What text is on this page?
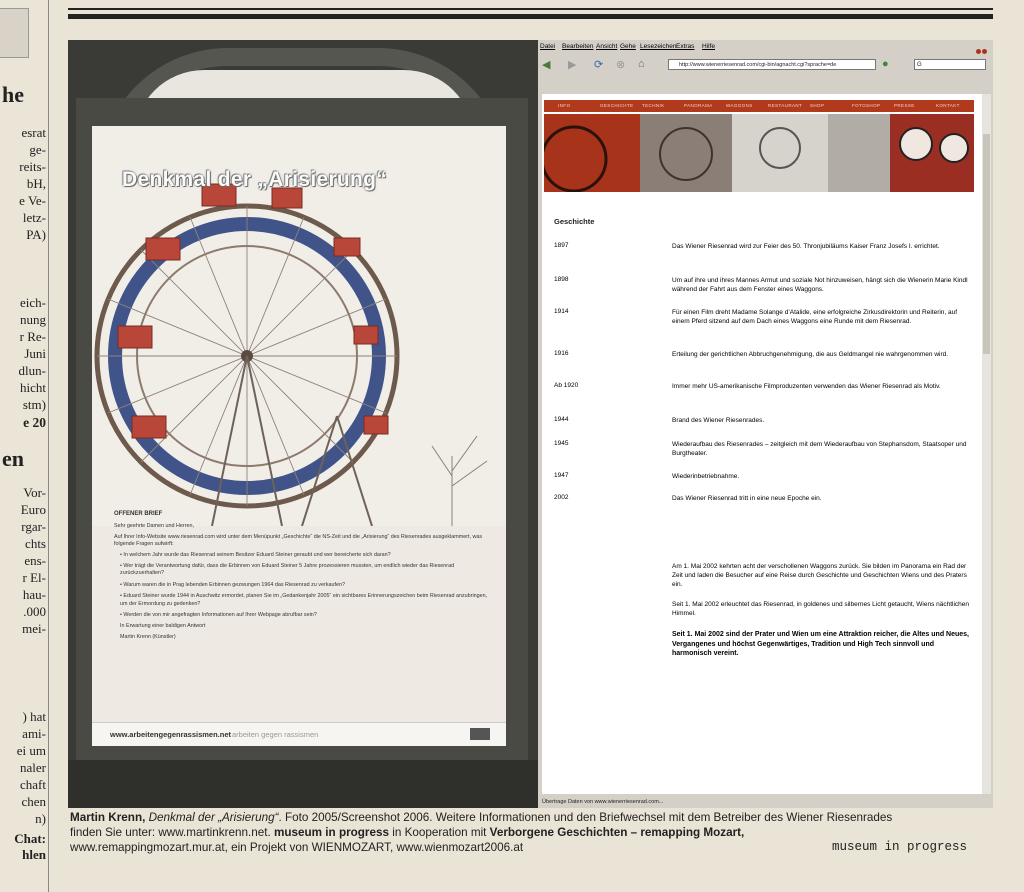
he
e 20
en
Chat:
hlen
esrat
ge-
reits-
bH,
e Ve-
letz-
PA)
eich-
nung
r Re-
Juni
dlun-
hicht
stm)
Vor-
Euro
rgar-
chts
ens-
r El-
hau-
.000
mei-
) hat
ami-
ei um
naler
chaft
chen
n)
Denkmal der „Arisierung“
OFFENER BRIEF

Sehr geehrte Damen und Herren,

Auf Ihrer Info-Website www.riesenrad.com wird unter dem Menüpunkt „Geschichte“ die NS-Zeit und die „Arisierung“ des Riesenrades ausgeklammert, was folgende Fragen aufwirft:

• In welchem Jahr wurde das Riesenrad seinem Besitzer Eduard Steiner geraubt und wer bereicherte sich daran?

• Wer trägt die Verantwortung dafür, dass die Erbinnen von Eduard Steiner 5 Jahre prozessieren mussten, um endlich wieder das Riesenrad zurückzuerhalten?

• Warum waren die in Prag lebenden Erbinnen gezwungen 1964 das Riesenrad zu verkaufen?

• Eduard Steiner wurde 1944 in Auschwitz ermordet, planen Sie im „Gedankenjahr 2005“ ein sichtbares Erinnerungszeichen beim Riesenrad anzubringen, um der Ermordung zu gedenken?

• Werden die von mir angefragten Informationen auf Ihrer Webpage abrufbar sein?

In Erwartung einer baldigen Antwort

Martin Krenn (Künstler)

www.arbeitengegenrassismen.net arbeiten gegen rassismen
Datei Bearbeiten Ansicht Gehe Lesezeichen Extras Hilfe
◀ ▶ ⟳ ⊗ ⌂	http://www.wienerriesenrad.com/cgi-bin/agnacht.cgi?sprache=de	●	G
INFO	GESCHICHTE TECHNIK	PANORAMA	WAGGONS	RESTAURANT SHOP	FOTOSHOP	PRESSE	KONTAKT
Geschichte
1897	Das Wiener Riesenrad wird zur Feier des 50. Thronjubiläums Kaiser Franz Josefs I. errichtet.
1898	Um auf ihre und ihres Mannes Armut und soziale Not hinzuweisen, hängt sich die Wienerin Marie Kindl während der Fahrt aus dem Fenster eines Waggons.
1914	Für einen Film dreht Madame Solange d’Atalide, eine erfolgreiche Zirkusdirektorin und Reiterin, auf einem Pferd sitzend auf dem Dach eines Waggons eine Runde mit dem Riesenrad.
1916	Erteilung der gerichtlichen Abbruchgenehmigung, die aus Geldmangel nie wahrgenommen wird.
Ab 1920	Immer mehr US-amerikanische Filmproduzenten verwenden das Wiener Riesenrad als Motiv.
1944	Brand des Wiener Riesenrades.
1945	Wiederaufbau des Riesenrades – zeitgleich mit dem Wiederaufbau von Stephansdom, Staatsoper und Burgtheater.
1947	Wiederinbetriebnahme.
2002	Das Wiener Riesenrad tritt in eine neue Epoche ein.
Am 1. Mai 2002 kehrten acht der verschollenen Waggons zurück. Sie bilden im Panorama ein Rad der Zeit und laden die Besucher auf eine Reise durch Geschichte und Geschichten Wiens und des Praters ein.
Seit 1. Mai 2002 erleuchtet das Riesenrad, in goldenes und silbernes Licht getaucht, Wiens nächtlichen Himmel.
Seit 1. Mai 2002 sind der Prater und Wien um eine Attraktion reicher, die Altes und Neues, Vergangenes und höchst Gegenwärtiges, Tradition und High Tech sinnvoll und harmonisch vereint.
Übertrage Daten von www.wienerriesenrad.com...
Martin Krenn, Denkmal der „Arisierung“. Foto 2005/Screenshot 2006. Weitere Informationen und den Briefwechsel mit dem Betreiber des Wiener Riesenrades
finden Sie unter: www.martinkrenn.net. museum in progress in Kooperation mit Verborgene Geschichten – remapping Mozart,
www.remappingmozart.mur.at, ein Projekt von WIENMOZART, www.wienmozart2006.at	museum in progress
